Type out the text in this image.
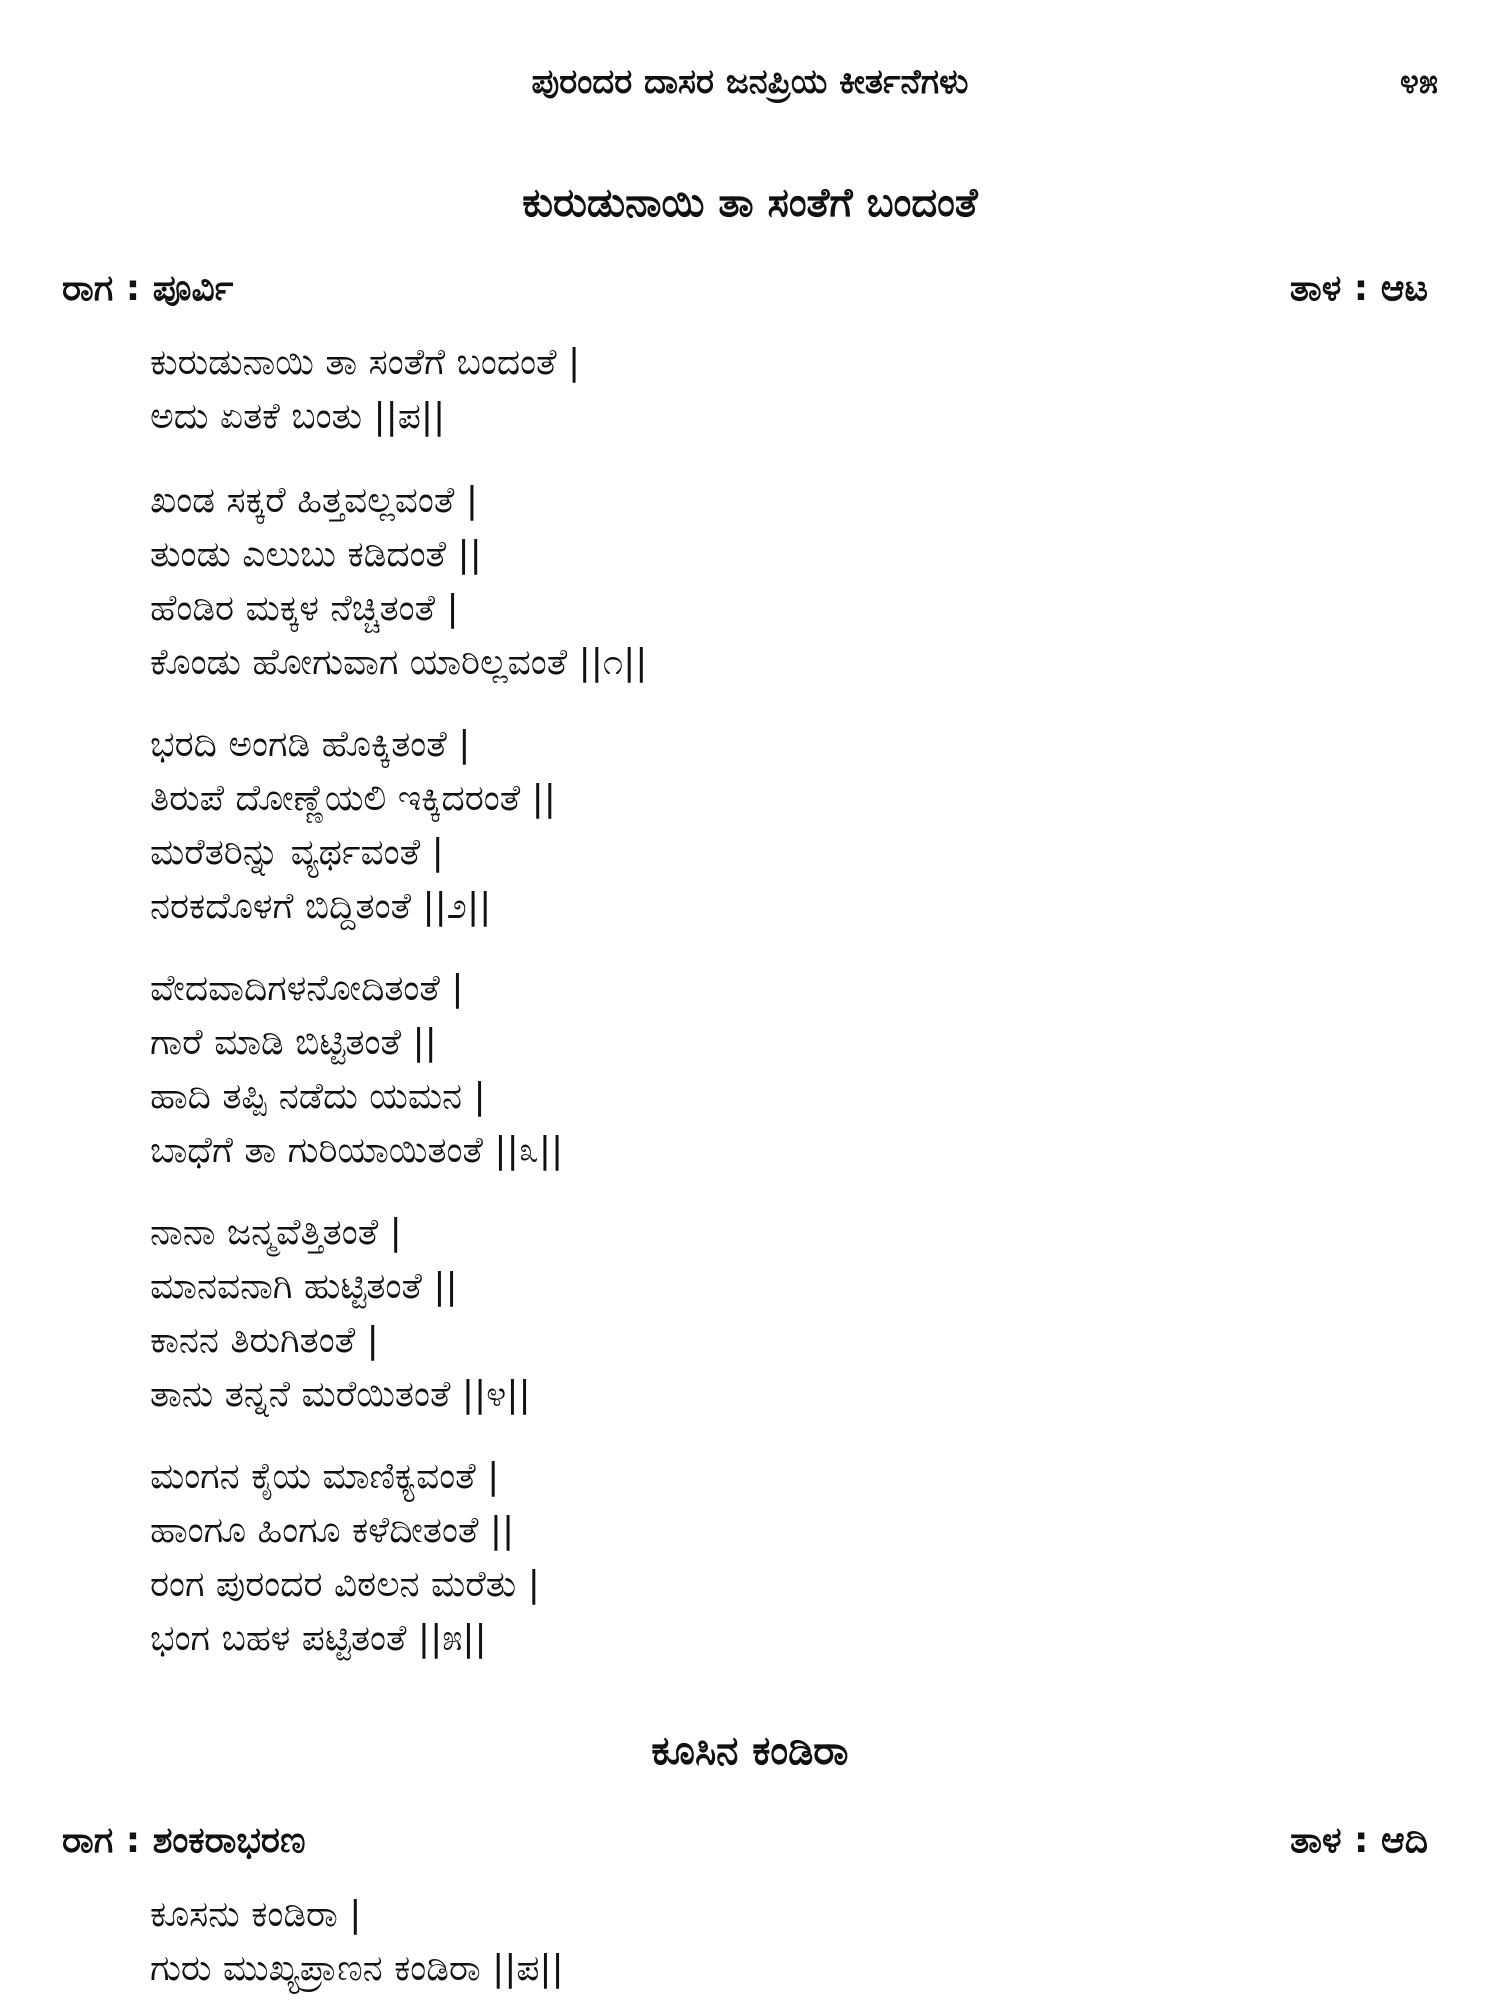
ಪುರಂದರ ದಾಸರ ಜನಪ್ರಿಯ ಕೀರ್ತನೆಗಳು	೪೫
ಕುರುಡುನಾಯಿ ತಾ ಸಂತೆಗೆ ಬಂದಂತೆ
ರಾಗ : ಪೂರ್ವಿ	ತಾಳ : ಆಟ
ಕುರುಡುನಾಯಿ ತಾ ಸಂತೆಗೆ ಬಂದಂತೆ |
ಅದು ಏತಕೆ ಬಂತು ||ಪ||
ಖಂಡ ಸಕ್ಕರೆ ಹಿತ್ತವಲ್ಲವಂತೆ |
ತುಂಡು ಎಲುಬು ಕಡಿದಂತೆ ||
ಹೆಂಡಿರ ಮಕ್ಕಳ ನೆಚ್ಚಿತಂತೆ |
ಕೊಂಡು ಹೋಗುವಾಗ ಯಾರಿಲ್ಲವಂತೆ ||೧||
ಭರದಿ ಅಂಗಡಿ ಹೊಕ್ಕಿತಂತೆ |
ತಿರುಪೆ ದೋಣ್ಣೆಯಲಿ ಇಕ್ಕಿದರಂತೆ ||
ಮರೆತರಿನ್ನು ವ್ಯರ್ಥವಂತೆ |
ನರಕದೊಳಗೆ ಬಿದ್ದಿತಂತೆ ||೨||
ವೇದವಾದಿಗಳನೋದಿತಂತೆ |
ಗಾರೆ ಮಾಡಿ ಬಿಟ್ಟಿತಂತೆ ||
ಹಾದಿ ತಪ್ಪಿ ನಡೆದು ಯಮನ |
ಬಾಧೆಗೆ ತಾ ಗುರಿಯಾಯಿತಂತೆ ||೩||
ನಾನಾ ಜನ್ಮವೆತ್ತಿತಂತೆ |
ಮಾನವನಾಗಿ ಹುಟ್ಟಿತಂತೆ ||
ಕಾನನ ತಿರುಗಿತಂತೆ |
ತಾನು ತನ್ನನೆ ಮರೆಯಿತಂತೆ ||೪||
ಮಂಗನ ಕೈಯ ಮಾಣಿಕ್ಯವಂತೆ |
ಹಾಂಗೂ ಹಿಂಗೂ ಕಳೆದೀತಂತೆ ||
ರಂಗ ಪುರಂದರ ವಿಠಲನ ಮರೆತು |
ಭಂಗ ಬಹಳ ಪಟ್ಟಿತಂತೆ ||೫||
ಕೂಸಿನ ಕಂಡಿರಾ
ರಾಗ : ಶಂಕರಾಭರಣ	ತಾಳ : ಆದಿ
ಕೂಸನು ಕಂಡಿರಾ |
ಗುರು ಮುಖ್ಯಪ್ರಾಣನ ಕಂಡಿರಾ ||ಪ||
